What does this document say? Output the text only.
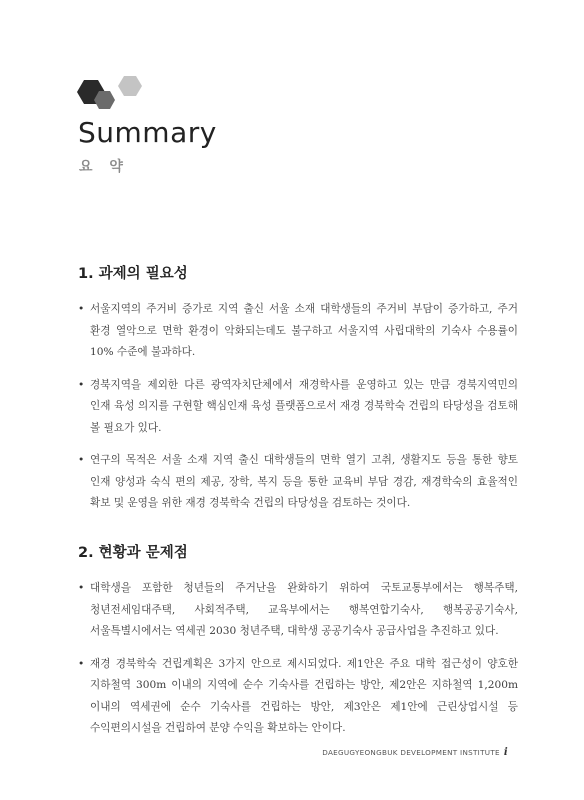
Summary
요 약
1. 과제의 필요성
• 서울지역의 주거비 증가로 지역 출신 서울 소재 대학생들의 주거비 부담이 증가하고, 주거 환경 열악으로 면학 환경이 악화되는데도 불구하고 서울지역 사립대학의 기숙사 수용률이 10% 수준에 불과하다.
• 경북지역을 제외한 다른 광역자치단체에서 재경학사를 운영하고 있는 만큼 경북지역민의 인재 육성 의지를 구현할 핵심인재 육성 플랫폼으로서 재경 경북학숙 건립의 타당성을 검토해 볼 필요가 있다.
• 연구의 목적은 서울 소재 지역 출신 대학생들의 면학 열기 고취, 생활지도 등을 통한 향토 인재 양성과 숙식 편의 제공, 장학, 복지 등을 통한 교육비 부담 경감, 재경학숙의 효율적인 확보 및 운영을 위한 재경 경북학숙 건립의 타당성을 검토하는 것이다.
2. 현황과 문제점
• 대학생을 포함한 청년들의 주거난을 완화하기 위하여 국토교통부에서는 행복주택, 청년전세임대주택, 사회적주택, 교육부에서는 행복연합기숙사, 행복공공기숙사, 서울특별시에서는 역세권 2030 청년주택, 대학생 공공기숙사 공급사업을 추진하고 있다.
• 재경 경북학숙 건립계획은 3가지 안으로 제시되었다. 제1안은 주요 대학 접근성이 양호한 지하철역 300m 이내의 지역에 순수 기숙사를 건립하는 방안, 제2안은 지하철역 1,200m 이내의 역세권에 순수 기숙사를 건립하는 방안, 제3안은 제1안에 근린상업시설 등 수익편의시설을 건립하여 분양 수익을 확보하는 안이다.
DAEGUGYEONGBUK DEVELOPMENT INSTITUTE i
